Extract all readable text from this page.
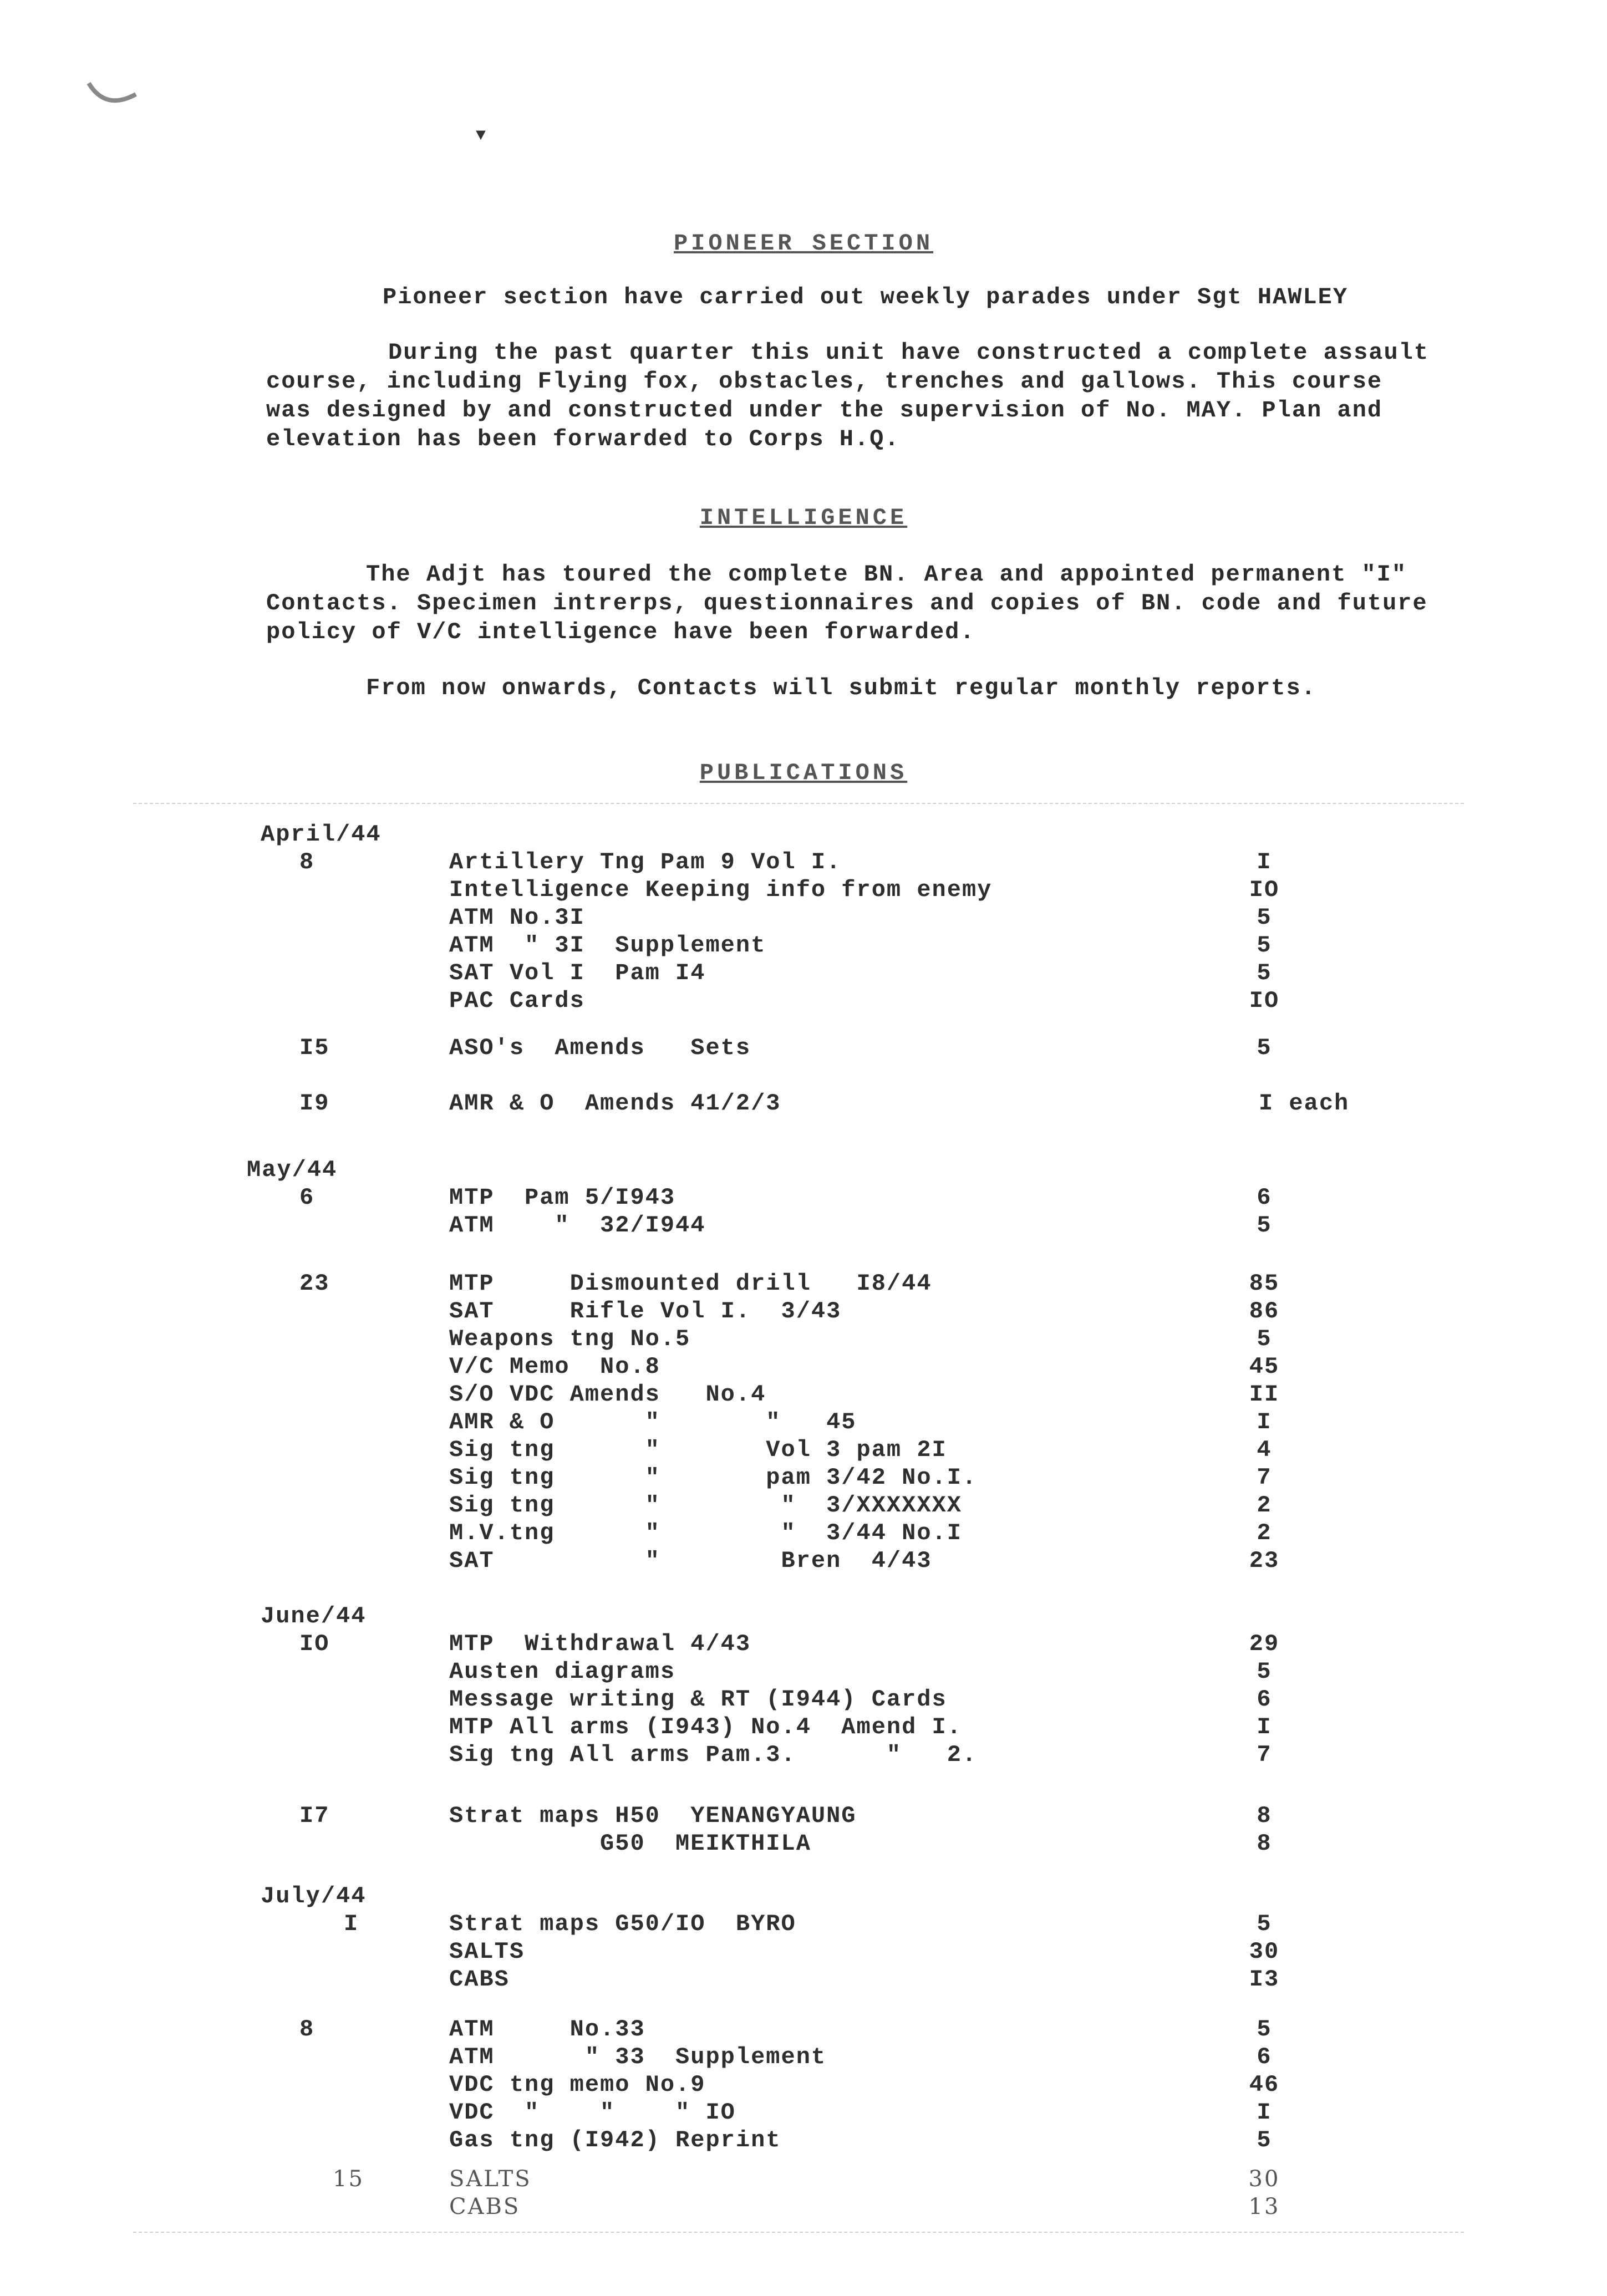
▼
PIONEER SECTION
Pioneer section have carried out weekly parades under Sgt HAWLEY
During the past quarter this unit have constructed a complete assault course, including Flying fox, obstacles, trenches and gallows. This course was designed by and constructed under the supervision of No. MAY. Plan and elevation has been forwarded to Corps H.Q.
INTELLIGENCE
The Adjt has toured the complete BN. Area and appointed permanent "I" Contacts. Specimen intrerps, questionnaires and copies of BN. code and future policy of V/C intelligence have been forwarded.
From now onwards, Contacts will submit regular monthly reports.
PUBLICATIONS
April/44
8	Artillery Tng Pam 9 Vol I.	I
Intelligence Keeping info from enemy	IO
ATM No.3I	5
ATM  " 3I  Supplement	5
SAT Vol I  Pam I4	5
PAC Cards	IO
I5	ASO's  Amends   Sets	5
I9	AMR & O  Amends 41/2/3	I each
May/44
6	MTP  Pam 5/I943	6
ATM    "  32/I944	5
23	MTP     Dismounted drill   I8/44	85
SAT     Rifle Vol I.  3/43	86
Weapons tng No.5	5
V/C Memo  No.8	45
S/O VDC Amends   No.4	II
AMR & O      "       "   45	I
Sig tng      "       Vol 3 pam 2I	4
Sig tng      "       pam 3/42 No.I.	7
Sig tng      "        "  3/XXXXXXX	2
M.V.tng      "        "  3/44 No.I	2
SAT          "        Bren  4/43	23
June/44
IO	MTP  Withdrawal 4/43	29
Austen diagrams	5
Message writing & RT (I944) Cards	6
MTP All arms (I943) No.4  Amend I.	I
Sig tng All arms Pam.3.      "   2.	7
I7	Strat maps H50  YENANGYAUNG	8
G50  MEIKTHILA	8
July/44
I	Strat maps G50/IO  BYRO	5
SALTS	30
CABS	I3
8	ATM     No.33	5
ATM      " 33  Supplement	6
VDC tng memo No.9	46
VDC  "    "    " IO	I
Gas tng (I942) Reprint	5
15	SALTS	30
CABS	13
